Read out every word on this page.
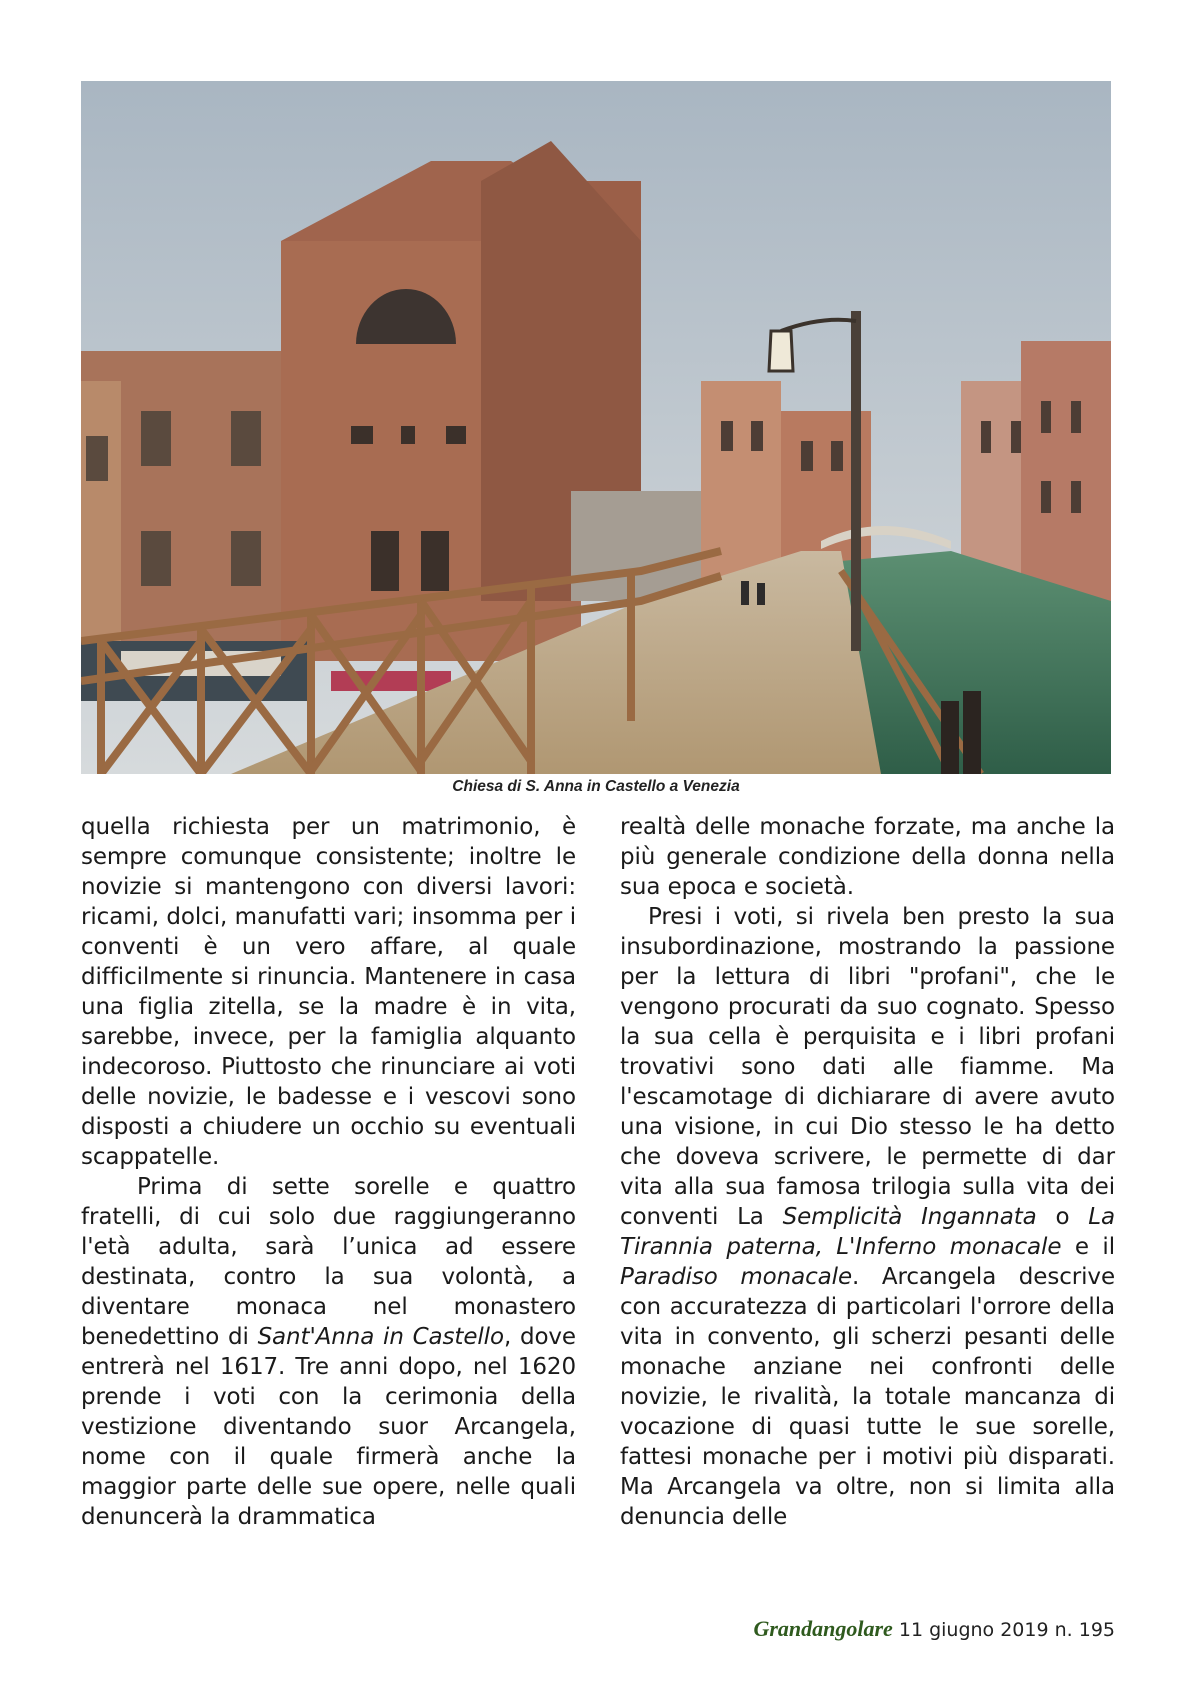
Chiesa di S. Anna in Castello a Venezia

quella richiesta per un matrimonio, è sempre comunque consistente; inoltre le novizie si mantengono con diversi lavori: ricami, dolci, manufatti vari; insomma per i conventi è un vero affare, al quale difficilmente si rinuncia. Mantenere in casa una figlia zitella, se la madre è in vita, sarebbe, invece, per la famiglia alquanto indecoroso. Piuttosto che rinunciare ai voti delle novizie, le badesse e i vescovi sono disposti a chiudere un occhio su eventuali scappatelle.

Prima di sette sorelle e quattro fratelli, di cui solo due raggiungeranno l'età adulta, sarà l’unica ad essere destinata, contro la sua volontà, a diventare monaca nel monastero benedettino di Sant'Anna in Castello, dove entrerà nel 1617. Tre anni dopo, nel 1620 prende i voti con la cerimonia della vestizione diventando suor Arcangela, nome con il quale firmerà anche la maggior parte delle sue opere, nelle quali denuncerà la drammatica

realtà delle monache forzate, ma anche la più generale condizione della donna nella sua epoca e società.

Presi i voti, si rivela ben presto la sua insubordinazione, mostrando la passione per la lettura di libri "profani", che le vengono procurati da suo cognato. Spesso la sua cella è perquisita e i libri profani trovativi sono dati alle fiamme. Ma l'escamotage di dichiarare di avere avuto una visione, in cui Dio stesso le ha detto che doveva scrivere, le permette di dar vita alla sua famosa trilogia sulla vita dei conventi La Semplicità Ingannata o La Tirannia paterna, L'Inferno monacale e il Paradiso monacale. Arcangela descrive con accuratezza di particolari l'orrore della vita in convento, gli scherzi pesanti delle monache anziane nei confronti delle novizie, le rivalità, la totale mancanza di vocazione di quasi tutte le sue sorelle, fattesi monache per i motivi più disparati. Ma Arcangela va oltre, non si limita alla denuncia delle

Grandangolare 11 giugno 2019 n. 195
